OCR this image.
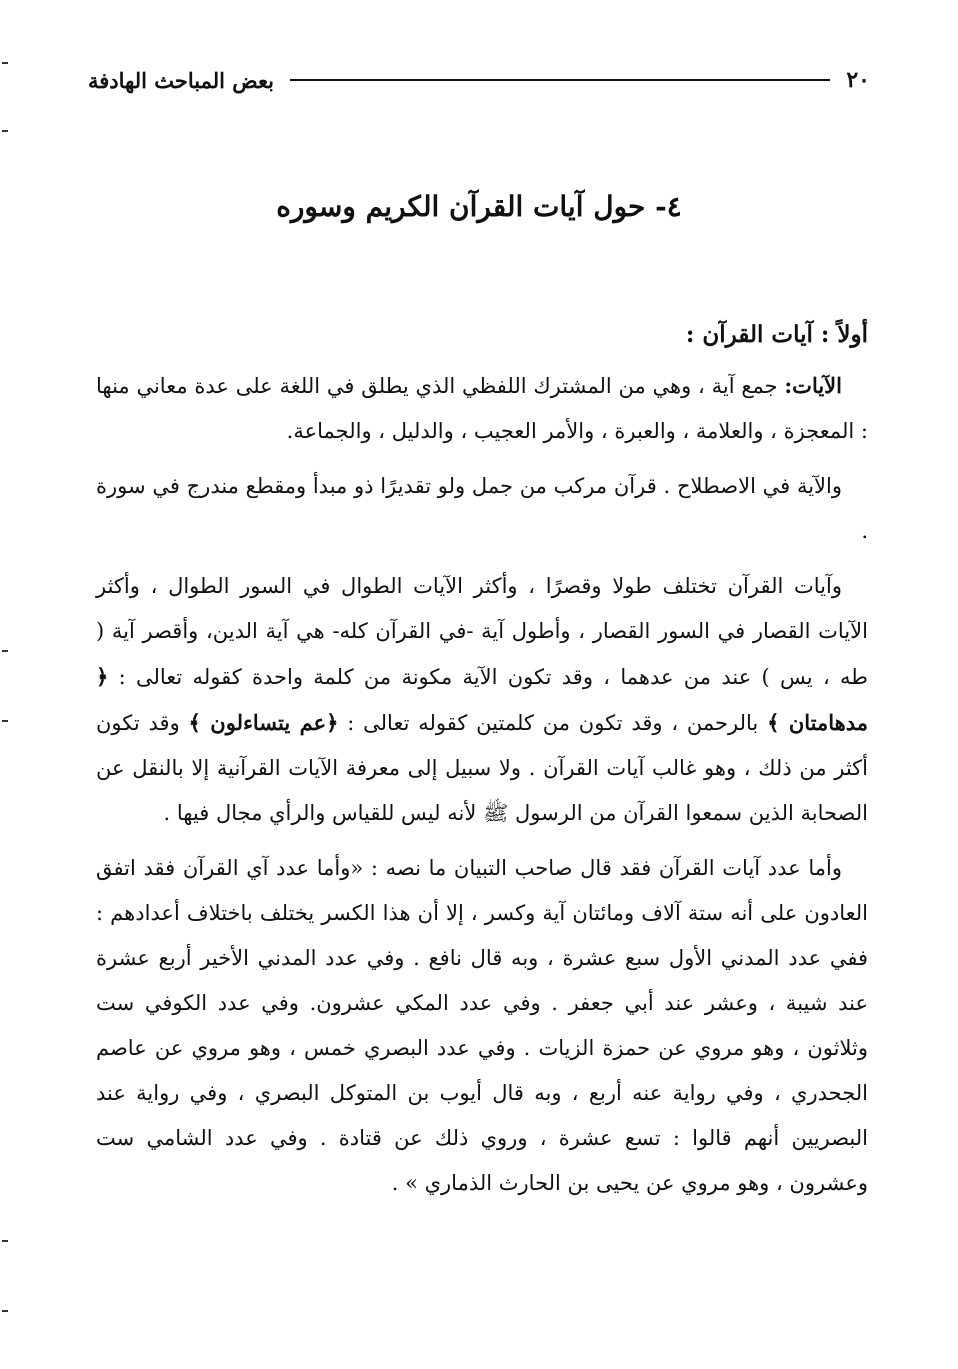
٢٠
بعض المباحث الهادفة
٤- حول آيات القرآن الكريم وسوره

أولاً : آيات القرآن :

الآيات: جمع آية ، وهي من المشترك اللفظي الذي يطلق في اللغة على عدة معاني منها : المعجزة ، والعلامة ، والعبرة ، والأمر العجيب ، والدليل ، والجماعة.

والآية في الاصطلاح . قرآن مركب من جمل ولو تقديرًا ذو مبدأ ومقطع مندرج في سورة .

وآيات القرآن تختلف طولا وقصرًا ، وأكثر الآيات الطوال في السور الطوال ، وأكثر الآيات القصار في السور القصار ، وأطول آية -في القرآن كله- هي آية الدين، وأقصر آية ( طه ، يس ) عند من عدهما ، وقد تكون الآية مكونة من كلمة واحدة كقوله تعالى : ﴿ مدهامتان ﴾ بالرحمن ، وقد تكون من كلمتين كقوله تعالى : ﴿عم يتساءلون ﴾ وقد تكون أكثر من ذلك ، وهو غالب آيات القرآن . ولا سبيل إلى معرفة الآيات القرآنية إلا بالنقل عن الصحابة الذين سمعوا القرآن من الرسول ﷺ لأنه ليس للقياس والرأي مجال فيها .

وأما عدد آيات القرآن فقد قال صاحب التبيان ما نصه : «وأما عدد آي القرآن فقد اتفق العادون على أنه ستة آلاف ومائتان آية وكسر ، إلا أن هذا الكسر يختلف باختلاف أعدادهم : ففي عدد المدني الأول سبع عشرة ، وبه قال نافع . وفي عدد المدني الأخير أربع عشرة عند شيبة ، وعشر عند أبي جعفر . وفي عدد المكي عشرون. وفي عدد الكوفي ست وثلاثون ، وهو مروي عن حمزة الزيات . وفي عدد البصري خمس ، وهو مروي عن عاصم الجحدري ، وفي رواية عنه أربع ، وبه قال أيوب بن المتوكل البصري ، وفي رواية عند البصريين أنهم قالوا : تسع عشرة ، وروي ذلك عن قتادة . وفي عدد الشامي ست وعشرون ، وهو مروي عن يحيى بن الحارث الذماري » .
